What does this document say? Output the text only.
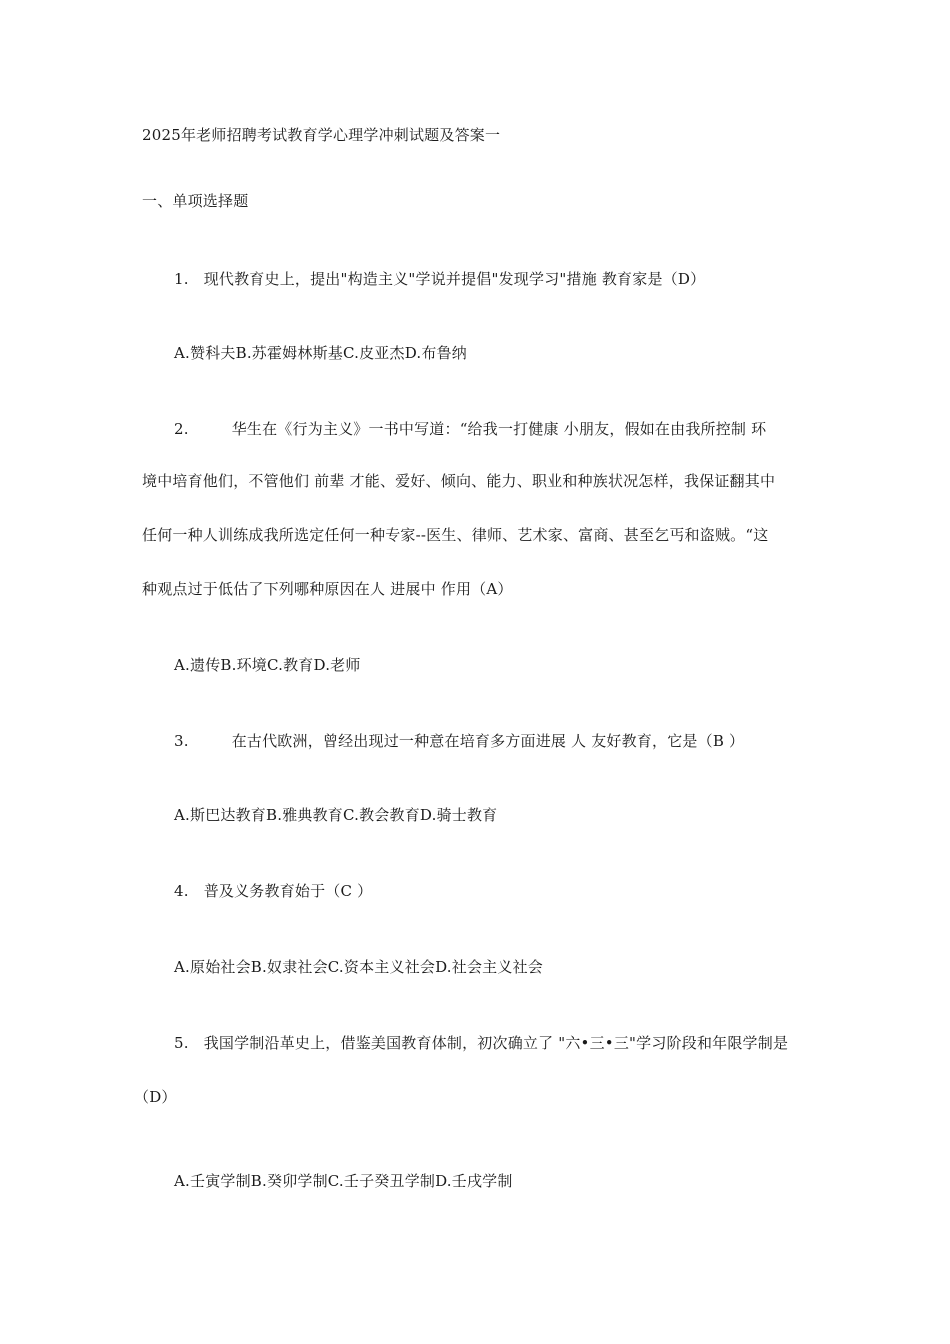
2025年老师招聘考试教育学心理学冲刺试题及答案一
一、单项选择题
1. 现代教育史上，提出"构造主义"学说并提倡"发现学习"措施 教育家是（D）
A.赞科夫B.苏霍姆林斯基C.皮亚杰D.布鲁纳
2.	华生在《行为主义》一书中写道：“给我一打健康 小朋友，假如在由我所控制 环
境中培育他们，不管他们 前辈 才能、爱好、倾向、能力、职业和种族状况怎样，我保证翻其中
任何一种人训练成我所选定任何一种专家--医生、律师、艺术家、富商、甚至乞丐和盗贼。“这
种观点过于低估了下列哪种原因在人 进展中 作用（A）
A.遗传B.环境C.教育D.老师
3.	在古代欧洲，曾经出现过一种意在培育多方面进展 人 友好教育，它是（B ）
A.斯巴达教育B.雅典教育C.教会教育D.骑士教育
4. 普及义务教育始于（C ）
A.原始社会B.奴隶社会C.资本主义社会D.社会主义社会
5. 我国学制沿革史上，借鉴美国教育体制，初次确立了 "六•三•三"学习阶段和年限学制是
（D）
A.壬寅学制B.癸卯学制C.壬子癸丑学制D.壬戌学制
